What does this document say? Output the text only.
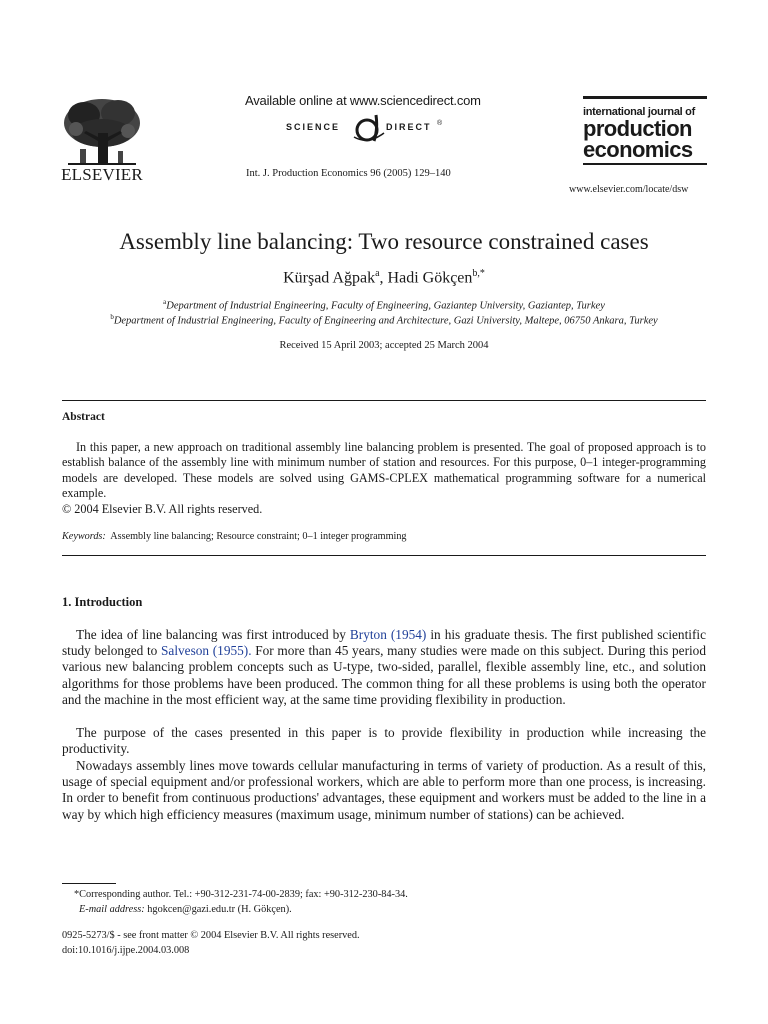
ELSEVIER
Available online at www.sciencedirect.com
SCIENCE	DIRECT ®
Int. J. Production Economics 96 (2005) 129–140
international journal of
production
economics
www.elsevier.com/locate/dsw
Assembly line balancing: Two resource constrained cases
Kürşad Ağpak$^a$, Hadi Gökçen$^{b,*}$
$^a$Department of Industrial Engineering, Faculty of Engineering, Gaziantep University, Gaziantep, Turkey
$^b$Department of Industrial Engineering, Faculty of Engineering and Architecture, Gazi University, Maltepe, 06750 Ankara, Turkey
Received 15 April 2003; accepted 25 March 2004
Abstract
In this paper, a new approach on traditional assembly line balancing problem is presented. The goal of proposed approach is to establish balance of the assembly line with minimum number of station and resources. For this purpose, 0–1 integer-programming models are developed. These models are solved using GAMS-CPLEX mathematical programming software for a numerical example.
© 2004 Elsevier B.V. All rights reserved.
Keywords: Assembly line balancing; Resource constraint; 0–1 integer programming
1. Introduction
The idea of line balancing was first introduced by Bryton (1954) in his graduate thesis. The first published scientific study belonged to Salveson (1955). For more than 45 years, many studies were made on this subject. During this period various new balancing problem concepts such as U-type, two-sided, parallel, flexible assembly line, etc., and solution algorithms for those problems have been produced. The common thing for all these problems is using both the operator and the machine in the most efficient way, at the same time providing flexibility in production.
The purpose of the cases presented in this paper is to provide flexibility in production while increasing the productivity.
Nowadays assembly lines move towards cellular manufacturing in terms of variety of production. As a result of this, usage of special equipment and/or professional workers, which are able to perform more than one process, is increasing. In order to benefit from continuous productions' advantages, these equipment and workers must be added to the line in a way by which high efficiency measures (maximum usage, minimum number of stations) can be achieved.
*Corresponding author. Tel.: +90-312-231-74-00-2839; fax: +90-312-230-84-34.
E-mail address: hgokcen@gazi.edu.tr (H. Gökçen).
0925-5273/$ - see front matter © 2004 Elsevier B.V. All rights reserved.
doi:10.1016/j.ijpe.2004.03.008
